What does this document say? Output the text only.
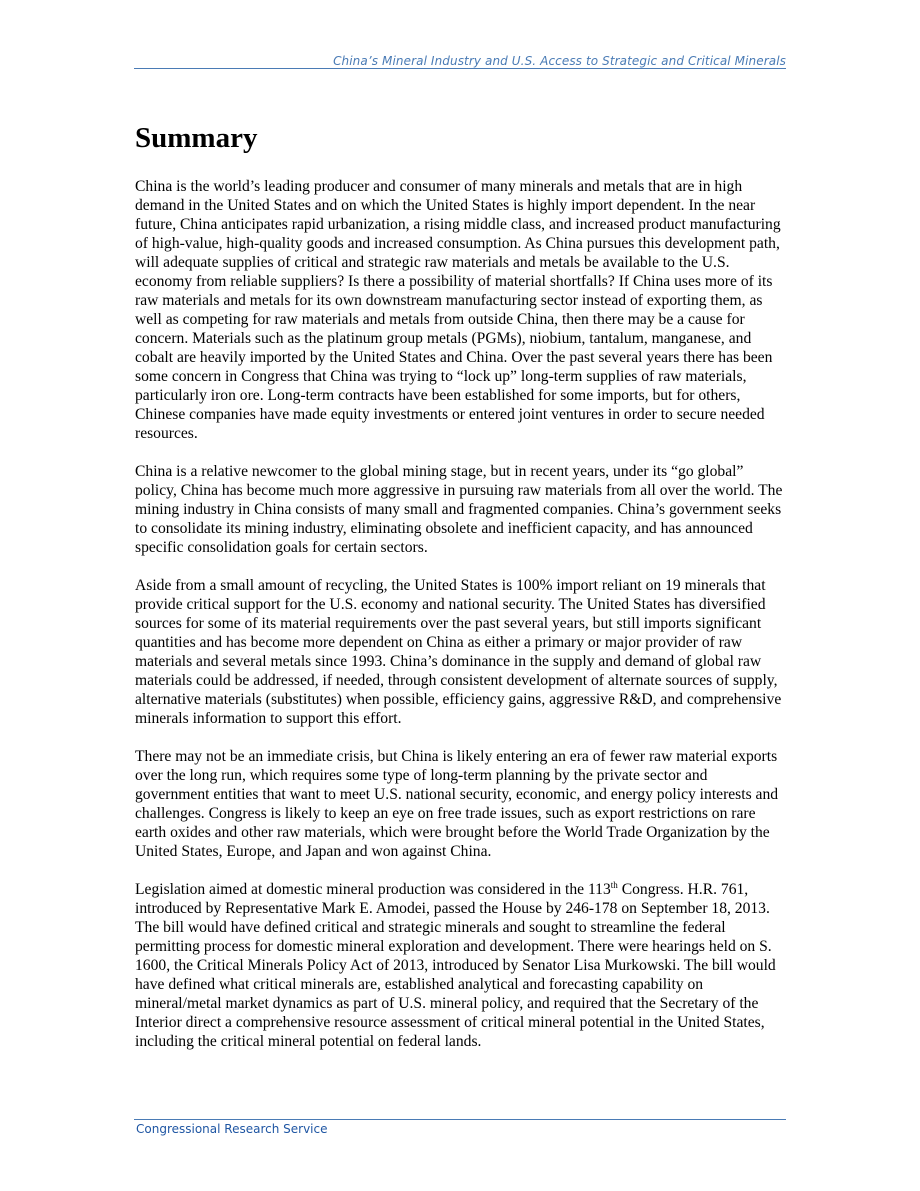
China’s Mineral Industry and U.S. Access to Strategic and Critical Minerals
Summary

China is the world’s leading producer and consumer of many minerals and metals that are in high demand in the United States and on which the United States is highly import dependent. In the near future, China anticipates rapid urbanization, a rising middle class, and increased product manufacturing of high-value, high-quality goods and increased consumption. As China pursues this development path, will adequate supplies of critical and strategic raw materials and metals be available to the U.S. economy from reliable suppliers? Is there a possibility of material shortfalls? If China uses more of its raw materials and metals for its own downstream manufacturing sector instead of exporting them, as well as competing for raw materials and metals from outside China, then there may be a cause for concern. Materials such as the platinum group metals (PGMs), niobium, tantalum, manganese, and cobalt are heavily imported by the United States and China. Over the past several years there has been some concern in Congress that China was trying to “lock up” long-term supplies of raw materials, particularly iron ore. Long-term contracts have been established for some imports, but for others, Chinese companies have made equity investments or entered joint ventures in order to secure needed resources.

China is a relative newcomer to the global mining stage, but in recent years, under its “go global” policy, China has become much more aggressive in pursuing raw materials from all over the world. The mining industry in China consists of many small and fragmented companies. China’s government seeks to consolidate its mining industry, eliminating obsolete and inefficient capacity, and has announced specific consolidation goals for certain sectors.

Aside from a small amount of recycling, the United States is 100% import reliant on 19 minerals that provide critical support for the U.S. economy and national security. The United States has diversified sources for some of its material requirements over the past several years, but still imports significant quantities and has become more dependent on China as either a primary or major provider of raw materials and several metals since 1993. China’s dominance in the supply and demand of global raw materials could be addressed, if needed, through consistent development of alternate sources of supply, alternative materials (substitutes) when possible, efficiency gains, aggressive R&D, and comprehensive minerals information to support this effort.

There may not be an immediate crisis, but China is likely entering an era of fewer raw material exports over the long run, which requires some type of long-term planning by the private sector and government entities that want to meet U.S. national security, economic, and energy policy interests and challenges. Congress is likely to keep an eye on free trade issues, such as export restrictions on rare earth oxides and other raw materials, which were brought before the World Trade Organization by the United States, Europe, and Japan and won against China.

Legislation aimed at domestic mineral production was considered in the 113th Congress. H.R. 761, introduced by Representative Mark E. Amodei, passed the House by 246-178 on September 18, 2013. The bill would have defined critical and strategic minerals and sought to streamline the federal permitting process for domestic mineral exploration and development. There were hearings held on S. 1600, the Critical Minerals Policy Act of 2013, introduced by Senator Lisa Murkowski. The bill would have defined what critical minerals are, established analytical and forecasting capability on mineral/metal market dynamics as part of U.S. mineral policy, and required that the Secretary of the Interior direct a comprehensive resource assessment of critical mineral potential in the United States, including the critical mineral potential on federal lands.

Congressional Research Service
